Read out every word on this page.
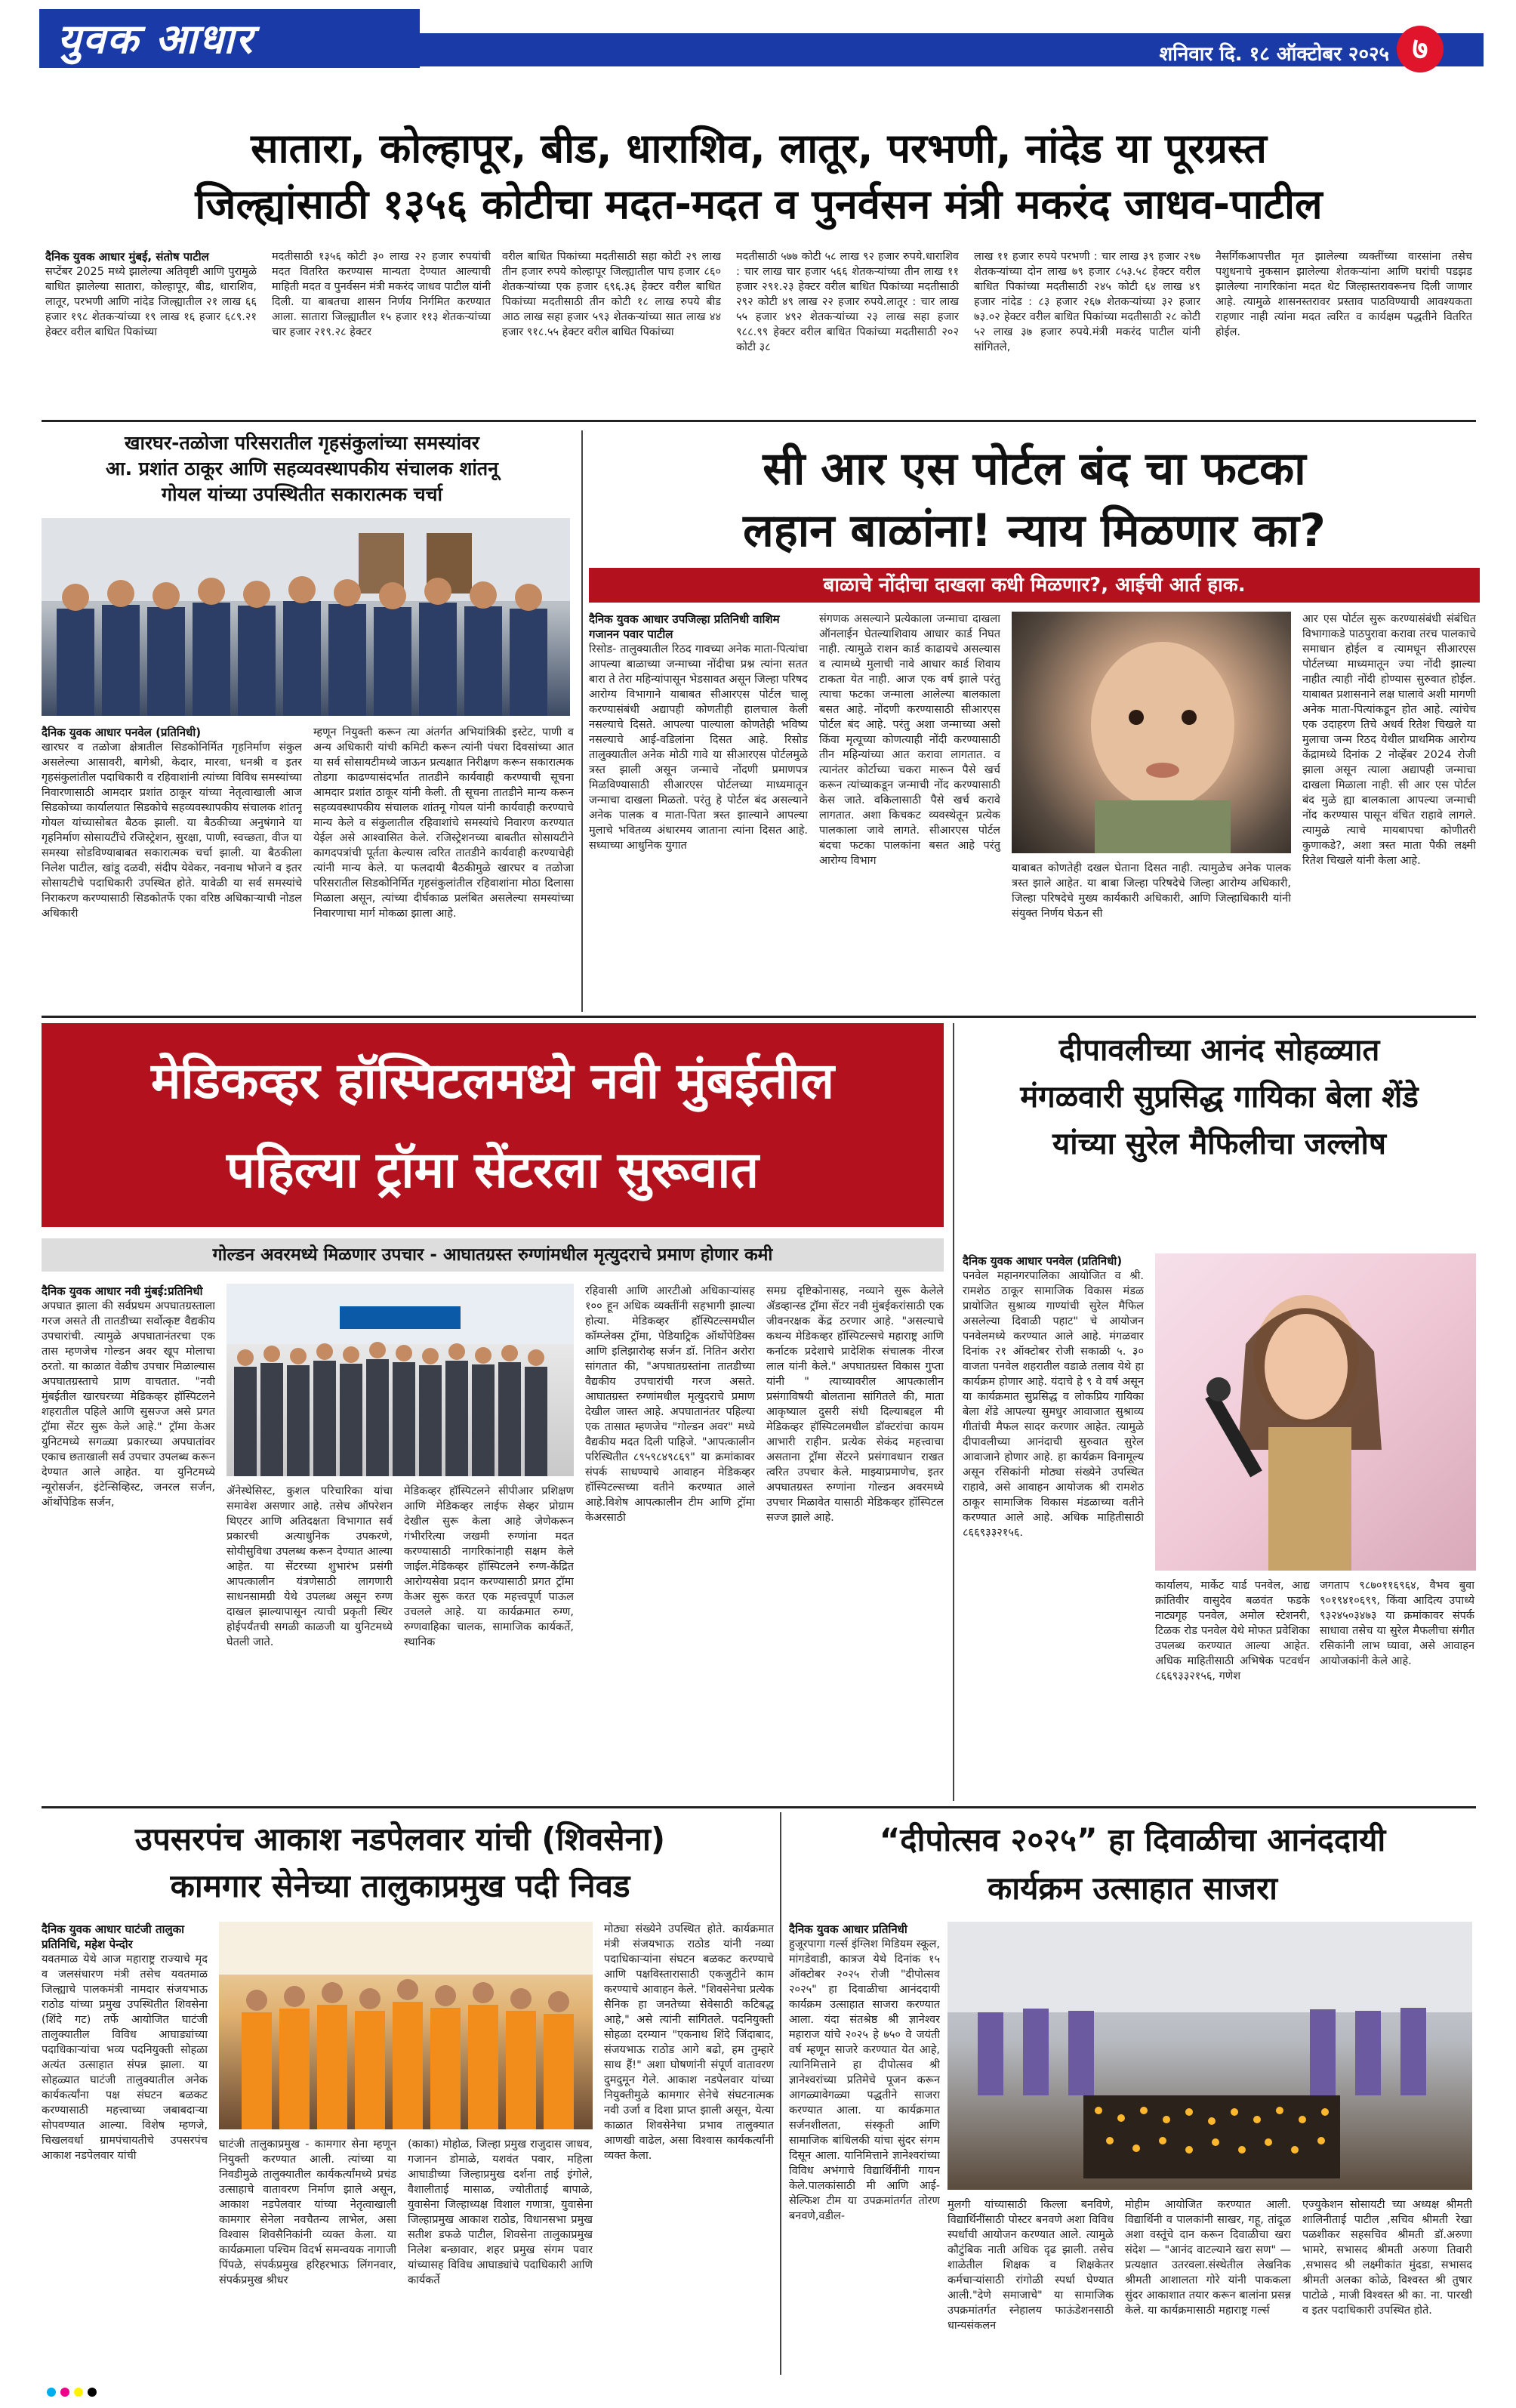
युवक आधार	शनिवार दि. १८ ऑक्टोबर २०२५ ७
सातारा, कोल्हापूर, बीड, धाराशिव, लातूर, परभणी, नांदेड या पूरग्रस्त
जिल्ह्यांसाठी १३५६ कोटीचा मदत-मदत व पुनर्वसन मंत्री मकरंद जाधव-पाटील
दैनिक युवक आधार मुंबई, संतोष पाटील
सप्टेंबर 2025 मध्ये झालेल्या अतिवृष्टी आणि पुरामुळे बाधित झालेल्या सातारा, कोल्हापूर, बीड, धाराशिव, लातूर, परभणी आणि नांदेड जिल्ह्यातील २१ लाख ६६ हजार १९८ शेतकऱ्यांच्या १९ लाख १६ हजार ६८९.२१ हेक्टर वरील बाधित पिकांच्या
मदतीसाठी १३५६ कोटी ३० लाख २२ हजार रुपयांची मदत वितरित करण्यास मान्यता देण्यात आल्याची माहिती मदत व पुनर्वसन मंत्री मकरंद जाधव पाटील यांनी दिली. या बाबतचा शासन निर्णय निर्गमित करण्यात आला. सातारा जिल्ह्यातील १५ हजार ११३ शेतकऱ्यांच्या चार हजार २१९.२८ हेक्टर
वरील बाधित पिकांच्या मदतीसाठी सहा कोटी २९ लाख तीन हजार रुपये कोल्हापूर जिल्ह्यातील पाच हजार ८६० शेतकऱ्यांच्या एक हजार ६९६.३६ हेक्टर वरील बाधित पिकांच्या मदतीसाठी तीन कोटी १८ लाख रुपये बीड आठ लाख सहा हजार ५९३ शेतकऱ्यांच्या सात लाख ४४ हजार ९१८.५५ हेक्टर वरील बाधित पिकांच्या
मदतीसाठी ५७७ कोटी ५८ लाख ९२ हजार रुपये.धाराशिव : चार लाख चार हजार ५६६ शेतकऱ्यांच्या तीन लाख ११ हजार २९१.२३ हेक्टर वरील बाधित पिकांच्या मदतीसाठी २९२ कोटी ४९ लाख २२ हजार रुपये.लातूर : चार लाख ५५ हजार ४९२ शेतकऱ्यांच्या २३ लाख सहा हजार ९८८.९९ हेक्टर वरील बाधित पिकांच्या मदतीसाठी २०२ कोटी ३८
लाख ११ हजार रुपये परभणी : चार लाख ३९ हजार २९७ शेतकऱ्यांच्या दोन लाख ७९ हजार ८५३.५८ हेक्टर वरील बाधित पिकांच्या मदतीसाठी २४५ कोटी ६४ लाख ४९ हजार नांदेड : ८३ हजार २६७ शेतकऱ्यांच्या ३२ हजार ७३.०२ हेक्टर वरील बाधित पिकांच्या मदतीसाठी २८ कोटी ५२ लाख ३७ हजार रुपये.मंत्री मकरंद पाटील यांनी सांगितले,
नैसर्गिकआपत्तीत मृत झालेल्या व्यक्तींच्या वारसांना तसेच पशुधनाचे नुकसान झालेल्या शेतकऱ्यांना आणि घरांची पडझड झालेल्या नागरिकांना मदत थेट जिल्हास्तरावरूनच दिली जाणार आहे. त्यामुळे शासनस्तरावर प्रस्ताव पाठविण्याची आवश्यकता राहणार नाही त्यांना मदत त्वरित व कार्यक्षम पद्धतीने वितरित होईल.
खारघर-तळोजा परिसरातील गृहसंकुलांच्या समस्यांवर
आ. प्रशांत ठाकूर आणि सहव्यवस्थापकीय संचालक शांतनू
गोयल यांच्या उपस्थितीत सकारात्मक चर्चा
दैनिक युवक आधार पनवेल (प्रतिनिधी)
खारघर व तळोजा क्षेत्रातील सिडकोनिर्मित गृहनिर्माण संकुल असलेल्या आसावरी, बागेश्री, केदार, मारवा, धनश्री व इतर गृहसंकुलांतील पदाधिकारी व रहिवाशांनी त्यांच्या विविध समस्यांच्या निवारणासाठी आमदार प्रशांत ठाकूर यांच्या नेतृत्वाखाली आज सिडकोच्या कार्यालयात सिडकोचे सहव्यवस्थापकीय संचालक शांतनू गोयल यांच्यासोबत बैठक झाली. या बैठकीच्या अनुषंगाने या गृहनिर्माण सोसायटींचे रजिस्ट्रेशन, सुरक्षा, पाणी, स्वच्छता, वीज या समस्या सोडविण्याबाबत सकारात्मक चर्चा झाली. या बैठकीला निलेश पाटील, खांडू दळवी, संदीप येवेकर, नवनाथ भोजने व इतर सोसायटीचे पदाधिकारी उपस्थित होते. यावेळी या सर्व समस्यांचे निराकरण करण्यासाठी सिडकोतर्फे एका वरिष्ठ अधिकाऱ्याची नोडल अधिकारी
म्हणून नियुक्ती करून त्या अंतर्गत अभियांत्रिकी इस्टेट, पाणी व अन्य अधिकारी यांची कमिटी करून त्यांनी पंधरा दिवसांच्या आत या सर्व सोसायटीमध्ये जाऊन प्रत्यक्षात निरीक्षण करून सकारात्मक तोडगा काढण्यासंदर्भात तातडीने कार्यवाही करण्याची सूचना आमदार प्रशांत ठाकूर यांनी केली. ती सूचना तातडीने मान्य करून सहव्यवस्थापकीय संचालक शांतनू गोयल यांनी कार्यवाही करण्याचे मान्य केले व संकुलातील रहिवाशांचे समस्यांचे निवारण करण्यात येईल असे आश्वासित केले. रजिस्ट्रेशनच्या बाबतीत सोसायटीने कागदपत्रांची पूर्तता केल्यास त्वरित तातडीने कार्यवाही करण्याचेही त्यांनी मान्य केले. या फलदायी बैठकीमुळे खारघर व तळोजा परिसरातील सिडकोनिर्मित गृहसंकुलांतील रहिवाशांना मोठा दिलासा मिळाला असून, त्यांच्या दीर्घकाळ प्रलंबित असलेल्या समस्यांच्या निवारणाचा मार्ग मोकळा झाला आहे.
सी आर एस पोर्टल बंद चा फटका
लहान बाळांना! न्याय मिळणार का?
बाळाचे नोंदीचा दाखला कधी मिळणार?, आईची आर्त हाक.
दैनिक युवक आधार उपजिल्हा प्रतिनिधी वाशिम गजानन पवार पाटील
रिसोड- तालुक्यातील रिठद गावच्या अनेक माता-पित्यांचा आपल्या बाळाच्या जन्माच्या नोंदीचा प्रश्न त्यांना सतत बारा ते तेरा महिन्यांपासून भेडसावत असून जिल्हा परिषद आरोग्य विभागाने याबाबत सीआरएस पोर्टल चालू करण्यासंबंधी अद्यापही कोणतीही हालचाल केली नसल्याचे दिसते. आपल्या पाल्याला कोणतेही भविष्य नसल्याचे आई-वडिलांना दिसत आहे. रिसोड तालुक्यातील अनेक मोठी गावे या सीआरएस पोर्टलमुळे त्रस्त झाली असून जन्माचे नोंदणी प्रमाणपत्र मिळविण्यासाठी सीआरएस पोर्टलच्या माध्यमातून जन्माचा दाखला मिळतो. परंतु हे पोर्टल बंद असल्याने अनेक पालक व माता-पिता त्रस्त झाल्याने आपल्या मुलाचे भवितव्य अंधारमय जाताना त्यांना दिसत आहे. सध्याच्या आधुनिक युगात
संगणक असल्याने प्रत्येकाला जन्माचा दाखला ऑनलाईन घेतल्याशिवाय आधार कार्ड निघत नाही. त्यामुळे राशन कार्ड काढायचे असल्यास व त्यामध्ये मुलाची नावे आधार कार्ड शिवाय टाकता येत नाही. आज एक वर्ष झाले परंतु त्याचा फटका जन्माला आलेल्या बालकाला बसत आहे. नोंदणी करण्यासाठी सीआरएस पोर्टल बंद आहे. परंतु अशा जन्माच्या असो किंवा मृत्यूच्या कोणत्याही नोंदी करण्यासाठी तीन महिन्यांच्या आत करावा लागतात. व त्यानंतर कोर्टाच्या चकरा मारून पैसे खर्च करून त्यांच्याकडून जन्माची नोंद करण्यासाठी केस जाते. वकिलासाठी पैसे खर्च करावे लागतात. अशा किचकट व्यवस्थेतून प्रत्येक पालकाला जावे लागते. सीआरएस पोर्टल बंदचा फटका पालकांना बसत आहे परंतु आरोग्य विभाग
याबाबत कोणतेही दखल घेताना दिसत नाही. त्यामुळेच अनेक पालक त्रस्त झाले आहेत. या बाबा जिल्हा परिषदेचे जिल्हा आरोग्य अधिकारी, जिल्हा परिषदेचे मुख्य कार्यकारी अधिकारी, आणि जिल्हाधिकारी यांनी संयुक्त निर्णय घेऊन सी
आर एस पोर्टल सुरू करण्यासंबंधी संबंधित विभागाकडे पाठपुरावा करावा तरच पालकाचे समाधान होईल व त्यामधून सीआरएस पोर्टलच्या माध्यमातून ज्या नोंदी झाल्या नाहीत त्याही नोंदी होण्यास सुरुवात होईल. याबाबत प्रशासनाने लक्ष घालावे अशी मागणी अनेक माता-पित्यांकडून होत आहे. त्यांचेच एक उदाहरण तिचे अधर्व रितेश चिखले या मुलाचा जन्म रिठद येथील प्राथमिक आरोग्य केंद्रामध्ये दिनांक 2 नोव्हेंबर 2024 रोजी झाला असून त्याला अद्यापही जन्माचा दाखला मिळाला नाही. सी आर एस पोर्टल बंद मुळे ह्या बालकाला आपल्या जन्माची नोंद करण्यास पासून वंचित राहावे लागले. त्यामुळे त्याचे मायबापचा कोणीतरी कुणाकडे?, अशा त्रस्त माता पैकी लक्ष्मी रितेश चिखले यांनी केला आहे.
मेडिकव्हर हॉस्पिटलमध्ये नवी मुंबईतील
पहिल्या ट्रॉमा सेंटरला सुरूवात
गोल्डन अवरमध्ये मिळणार उपचार - आघातग्रस्त रुग्णांमधील मृत्युदराचे प्रमाण होणार कमी
दैनिक युवक आधार नवी मुंबई:प्रतिनिधी
अपघात झाला की सर्वप्रथम अपघातग्रस्ताला गरज असते ती तातडीच्या सर्वोत्कृष्ट वैद्यकीय उपचारांची. त्यामुळे अपघातानंतरचा एक तास म्हणजेच गोल्डन अवर खूप मोलाचा ठरतो. या काळात वेळीच उपचार मिळाल्यास अपघातग्रस्ताचे प्राण वाचतात. "नवी मुंबईतील खारघरच्या मेडिकव्हर हॉस्पिटलने शहरातील पहिले आणि सुसज्ज असे प्रगत ट्रॉमा सेंटर सुरू केले आहे." ट्रॉमा केअर युनिटमध्ये सगळ्या प्रकारच्या अपघातांवर एकाच छताखाली सर्व उपचार उपलब्ध करून देण्यात आले आहेत. या युनिटमध्ये न्यूरोसर्जन, इंटेन्सिव्हिस्ट, जनरल सर्जन, ऑर्थोपेडिक सर्जन,
ॲनेस्थेसिस्ट, कुशल परिचारिका यांचा समावेश असणार आहे. तसेच ऑपरेशन थिएटर आणि अतिदक्षता विभागात सर्व प्रकारची अत्याधुनिक उपकरणे, सोयीसुविधा उपलब्ध करून देण्यात आल्या आहेत. या सेंटरच्या शुभारंभ प्रसंगी आपत्कालीन यंत्रणेसाठी लागणारी साधनसामग्री येथे उपलब्ध असून रुग्ण दाखल झाल्यापासून त्याची प्रकृती स्थिर होईपर्यंतची सगळी काळजी या युनिटमध्ये घेतली जाते.
मेडिकव्हर हॉस्पिटलने सीपीआर प्रशिक्षण आणि मेडिकव्हर लाईफ सेव्हर प्रोग्राम देखील सुरू केला आहे जेणेकरून गंभीररित्या जखमी रुग्णांना मदत करण्यासाठी नागरिकांनाही सक्षम केले जाईल.मेडिकव्हर हॉस्पिटलने रुग्ण-केंद्रित आरोग्यसेवा प्रदान करण्यासाठी प्रगत ट्रॉमा केअर सुरू करत एक महत्त्वपूर्ण पाऊल उचलले आहे. या कार्यक्रमात रुग्ण, रुग्णवाहिका चालक, सामाजिक कार्यकर्ते, स्थानिक
रहिवासी आणि आरटीओ अधिकाऱ्यांसह १०० हून अधिक व्यक्तींनी सहभागी झाल्या होत्या. मेडिकव्हर हॉस्पिटल्समधील कॉम्प्लेक्स ट्रॉमा, पेडियाट्रिक ऑर्थोपेडिक्स आणि इलिझारोव्ह सर्जन डॉ. नितिन अरोरा सांगतात की, "अपघातग्रस्तांना तातडीच्या वैद्यकीय उपचारांची गरज असते. आघातग्रस्त रुग्णांमधील मृत्युदराचे प्रमाण देखील जास्त आहे. अपघातानंतर पहिल्या एक तासात म्हणजेच "गोल्डन अवर" मध्ये वैद्यकीय मदत दिली पाहिजे. "आपत्कालीन परिस्थितीत ८९५९८४९८६९" या क्रमांकावर संपर्क साधण्याचे आवाहन मेडिकव्हर हॉस्पिटल्सच्या वतीने करण्यात आले आहे.विशेष आपत्कालीन टीम आणि ट्रॉमा केअरसाठी
समग्र दृष्टिकोनासह, नव्याने सुरू केलेले ॲडव्हान्स्ड ट्रॉमा सेंटर नवी मुंबईकरांसाठी एक जीवनरक्षक केंद्र ठरणार आहे. "असल्याचे कथन्य मेडिकव्हर हॉस्पिटल्सचे महाराष्ट्र आणि कर्नाटक प्रदेशाचे प्रादेशिक संचालक नीरज लाल यांनी केले." अपघातग्रस्त विकास गुप्ता यांनी " त्याच्यावरील आपत्कालीन प्रसंगाविषयी बोलताना सांगितले की, माता आकृष्याल दुसरी संधी दिल्याबद्दल मी मेडिकव्हर हॉस्पिटलमधील डॉक्टरांचा कायम आभारी राहीन. प्रत्येक सेकंद महत्त्वाचा असताना ट्रॉमा सेंटरने प्रसंगावधान राखत त्वरित उपचार केले. माझ्याप्रमाणेच, इतर अपघातग्रस्त रुग्णांना गोल्डन अवरमध्ये उपचार मिळावेत यासाठी मेडिकव्हर हॉस्पिटल सज्ज झाले आहे.
दीपावलीच्या आनंद सोहळ्यात
मंगळवारी सुप्रसिद्ध गायिका बेला शेंडे
यांच्या सुरेल मैफिलीचा जल्लोष
दैनिक युवक आधार पनवेल (प्रतिनिधी)
पनवेल महानगरपालिका आयोजित व श्री. रामशेठ ठाकूर सामाजिक विकास मंडळ प्रायोजित सुश्राव्य गाण्यांची सुरेल मैफिल असलेल्या दिवाळी पहाट" चे आयोजन पनवेलमध्ये करण्यात आले आहे. मंगळवार दिनांक २१ ऑक्टोबर रोजी सकाळी ५. ३० वाजता पनवेल शहरातील वडाळे तलाव येथे हा कार्यक्रम होणार आहे. यंदाचे हे ९ वे वर्ष असून या कार्यक्रमात सुप्रसिद्ध व लोकप्रिय गायिका बेला शेंडे आपल्या सुमधुर आवाजात सुश्राव्य गीतांची मैफल सादर करणार आहेत. त्यामुळे दीपावलीच्या आनंदाची सुरुवात सुरेल आवाजाने होणार आहे. हा कार्यक्रम विनामूल्य असून रसिकांनी मोठ्या संख्येने उपस्थित राहावे, असे आवाहन आयोजक श्री रामशेठ ठाकूर सामाजिक विकास मंडळाच्या वतीने करण्यात आले आहे. अधिक माहितीसाठी ८६६९३३२१५६.
कार्यालय, मार्केट यार्ड पनवेल, आद्य क्रांतिवीर वासुदेव बळवंत फडके नाट्यगृह पनवेल, अमोल स्टेशनरी, टिळक रोड पनवेल येथे मोफत प्रवेशिका उपलब्ध करण्यात आल्या आहेत. अधिक माहितीसाठी अभिषेक पटवर्धन ८६६९३३२१५६, गणेश
जगताप ९८७०११६९६४, वैभव बुवा ९०१९४१०६९९, किंवा आदित्य उपाध्ये ९३२४५०३४७३ या क्रमांकावर संपर्क साधावा तसेच या सुरेल मैफलीचा संगीत रसिकांनी लाभ घ्यावा, असे आवाहन आयोजकांनी केले आहे.
उपसरपंच आकाश नडपेलवार यांची (शिवसेना)
कामगार सेनेच्या तालुकाप्रमुख पदी निवड
दैनिक युवक आधार घाटंजी तालुका प्रतिनिधि, महेश पेन्दोर
यवतमाळ येथे आज महाराष्ट्र राज्याचे मृद व जलसंधारण मंत्री तसेच यवतमाळ जिल्ह्याचे पालकमंत्री नामदार संजयभाऊ राठोड यांच्या प्रमुख उपस्थितीत शिवसेना (शिंदे गट) तर्फे आयोजित घाटंजी तालुक्यातील विविध आघाड्यांच्या पदाधिकाऱ्यांचा भव्य पदनियुक्ती सोहळा अत्यंत उत्साहात संपन्न झाला. या सोहळ्यात घाटंजी तालुक्यातील अनेक कार्यकर्त्यांना पक्ष संघटन बळकट करण्यासाठी महत्त्वाच्या जबाबदाऱ्या सोपवण्यात आल्या. विशेष म्हणजे, चिखलवर्धा ग्रामपंचायतीचे उपसरपंच आकाश नडपेलवार यांची
घाटंजी तालुकाप्रमुख - कामगार सेना म्हणून नियुक्ती करण्यात आली. त्यांच्या या निवडीमुळे तालुक्यातील कार्यकर्त्यांमध्ये प्रचंड उत्साहाचे वातावरण निर्माण झाले असून, आकाश नडपेलवार यांच्या नेतृत्वाखाली कामगार सेनेला नवचैतन्य लाभेल, असा विश्वास शिवसैनिकांनी व्यक्त केला. या कार्यक्रमाला पश्चिम विदर्भ समन्वयक नागाजी पिंपळे, संपर्कप्रमुख हरिहरभाऊ लिंगनवार, संपर्कप्रमुख श्रीधर
(काका) मोहोळ, जिल्हा प्रमुख राजुदास जाधव, गजानन डोमाळे, यशवंत पवार, महिला आघाडीच्या जिल्हाप्रमुख दर्शना ताई इंगोले, वैशालीताई मासाळ, ज्योतीताई बापाळे, युवासेना जिल्हाध्यक्ष विशाल गणात्रा, युवासेना जिल्हाप्रमुख आकाश राठोड, विधानसभा प्रमुख सतीश डफळे पाटील, शिवसेना तालुकाप्रमुख निलेश बन्छावार, शहर प्रमुख संगम पवार यांच्यासह विविध आघाड्यांचे पदाधिकारी आणि कार्यकर्ते
मोठ्या संख्येने उपस्थित होते. कार्यक्रमात मंत्री संजयभाऊ राठोड यांनी नव्या पदाधिकाऱ्यांना संघटन बळकट करण्याचे आणि पक्षविस्तारासाठी एकजुटीने काम करण्याचे आवाहन केले. "शिवसेनेचा प्रत्येक सैनिक हा जनतेच्या सेवेसाठी कटिबद्ध आहे," असे त्यांनी सांगितले. पदनियुक्ती सोहळा दरम्यान "एकनाथ शिंदे जिंदाबाद, संजयभाऊ राठोड आगे बढो, हम तुम्हारे साथ हैं!" अशा घोषणांनी संपूर्ण वातावरण दुमदुमून गेले. आकाश नडपेलवार यांच्या नियुक्तीमुळे कामगार सेनेचे संघटनात्मक नवी उर्जा व दिशा प्राप्त झाली असून, येत्या काळात शिवसेनेचा प्रभाव तालुक्यात आणखी वाढेल, असा विश्वास कार्यकर्त्यांनी व्यक्त केला.
“दीपोत्सव २०२५” हा दिवाळीचा आनंददायी
कार्यक्रम उत्साहात साजरा
दैनिक युवक आधार प्रतिनिधी
हुजूरपागा गर्ल्स इंग्लिश मिडियम स्कूल, मांगडेवाडी, कात्रज येथे दिनांक १५ ऑक्टोबर २०२५ रोजी "दीपोत्सव २०२५" हा दिवाळीचा आनंददायी कार्यक्रम उत्साहात साजरा करण्यात आला. यंदा संतश्रेष्ठ श्री ज्ञानेश्वर महाराज यांचे २०२५ हे ७५० वे जयंती वर्ष म्हणून साजरे करण्यात येत आहे, त्यानिमित्ताने हा दीपोत्सव श्री ज्ञानेश्वरांच्या प्रतिमेचे पूजन करून आगळ्यावेगळ्या पद्धतीने साजरा करण्यात आला. या कार्यक्रमात सर्जनशीलता, संस्कृती आणि सामाजिक बांधिलकी यांचा सुंदर संगम दिसून आला. यानिमित्ताने ज्ञानेश्वरांच्या विविध अभंगाचे विद्यार्थिनींनी गायन केले.पालकांसाठी मी आणि आई- सेल्फिश टीम या उपक्रमांतर्गत तोरण बनवणे,वडील-
मुलगी यांच्यासाठी किल्ला बनविणे, विद्यार्थिनींसाठी पोस्टर बनवणे अशा विविध स्पर्धांची आयोजन करण्यात आले. त्यामुळे कौटुंबिक नाती अधिक दृढ झाली. तसेच शाळेतील शिक्षक व शिक्षकेतर कर्मचाऱ्यांसाठी रांगोळी स्पर्धा घेण्यात आली."देणे समाजाचे" या सामाजिक उपक्रमांतर्गत स्नेहालय फाऊंडेशनसाठी धान्यसंकलन
मोहीम आयोजित करण्यात आली. विद्यार्थिनी व पालकांनी साखर, गहू, तांदूळ अशा वस्तूंचे दान करून दिवाळीचा खरा संदेश — "आनंद वाटल्याने खरा सण" — प्रत्यक्षात उतरवला.संस्थेतील लेखनिक श्रीमती आशालता गोरे यांनी पाककला सुंदर आकाशात तयार करून बालांना प्रसन्न केले. या कार्यक्रमासाठी महाराष्ट्र गर्ल्स
एज्युकेशन सोसायटी च्या अध्यक्ष श्रीमती शालिनीताई पाटील ,सचिव श्रीमती रेखा पळशीकर सहसचिव श्रीमती डॉ.अरुणा भामरे, सभासद श्रीमती अरुणा तिवारी ,सभासद श्री लक्ष्मीकांत मुंदडा, सभासद श्रीमती अलका कोळे, विश्वस्त श्री तुषार पाटोळे , माजी विश्वस्त श्री का. ना. पारखी व इतर पदाधिकारी उपस्थित होते.
